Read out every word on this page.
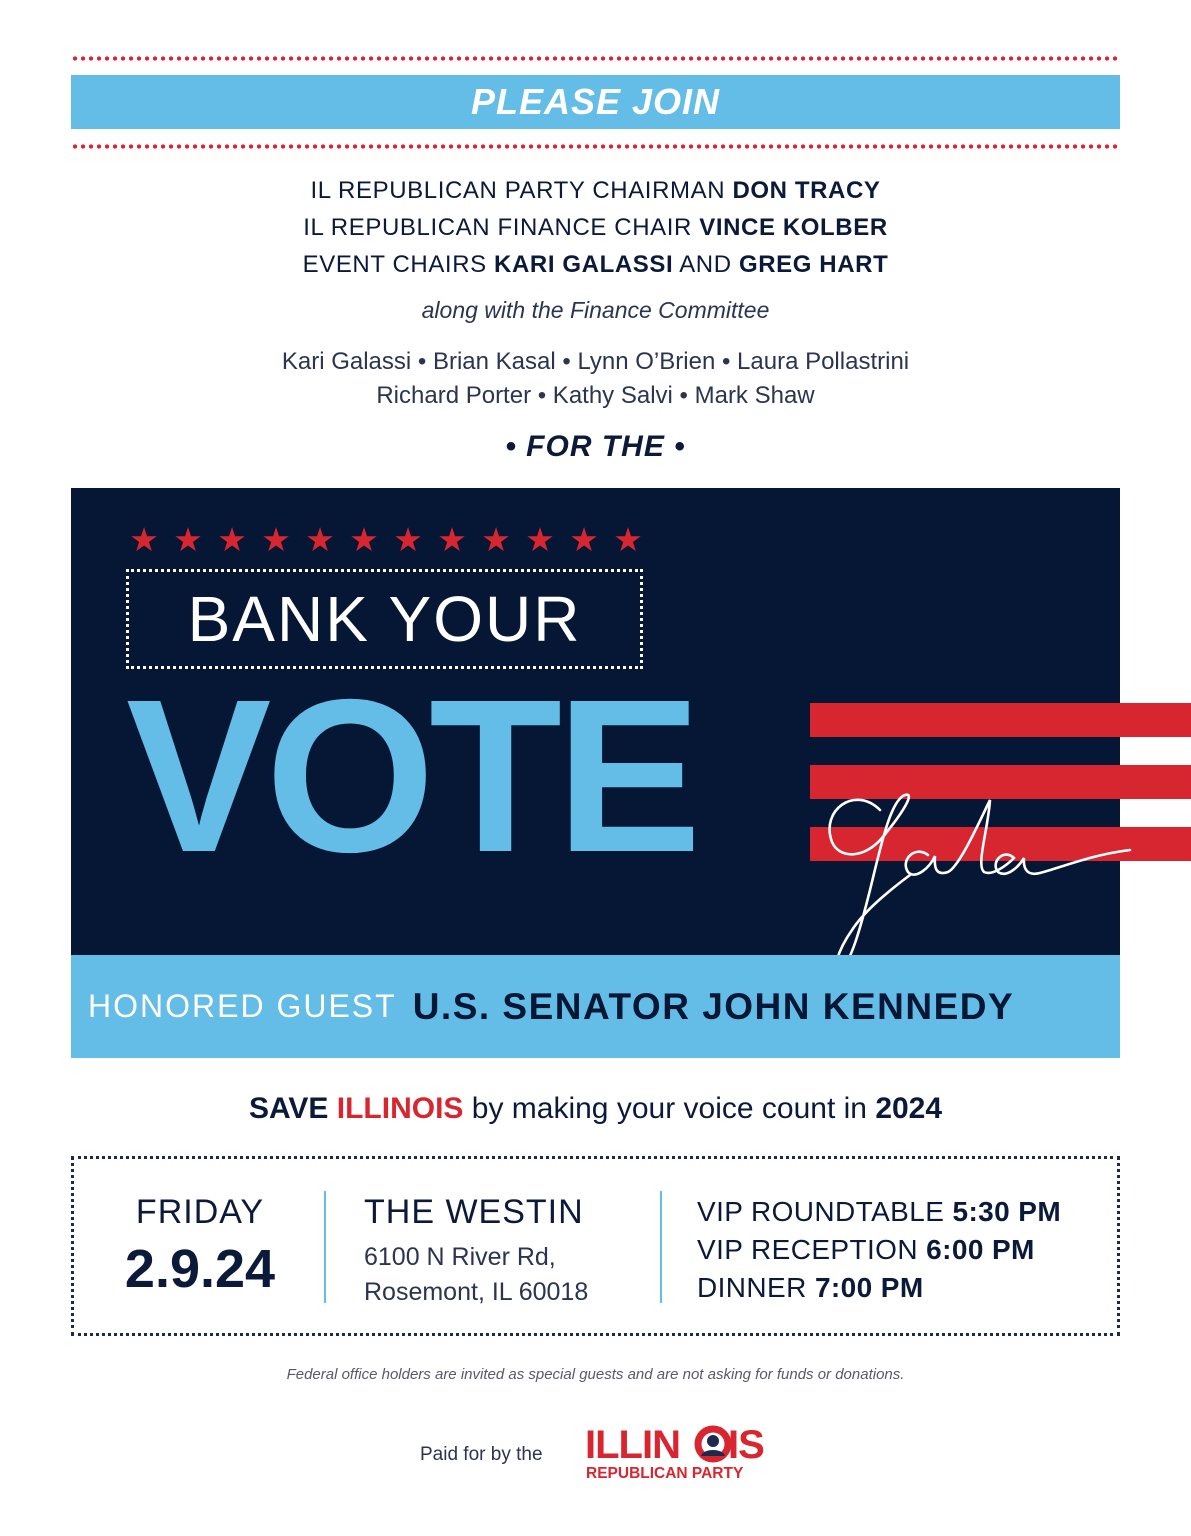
PLEASE JOIN
IL REPUBLICAN PARTY CHAIRMAN DON TRACY
IL REPUBLICAN FINANCE CHAIR VINCE KOLBER
EVENT CHAIRS KARI GALASSI AND GREG HART
along with the Finance Committee
Kari Galassi • Brian Kasal • Lynn O’Brien • Laura Pollastrini
Richard Porter • Kathy Salvi • Mark Shaw
• FOR THE •
★ ★ ★ ★ ★ ★ ★ ★ ★ ★ ★ ★
BANK YOUR
VOTE
HONORED GUEST U.S. SENATOR JOHN KENNEDY
SAVE ILLINOIS by making your voice count in 2024
FRIDAY
2.9.24
THE WESTIN
6100 N River Rd,
Rosemont, IL 60018
VIP ROUNDTABLE 5:30 PM
VIP RECEPTION 6:00 PM
DINNER 7:00 PM
Federal office holders are invited as special guests and are not asking for funds or donations.
Paid for by the ILLIN IS
REPUBLICAN PARTY
